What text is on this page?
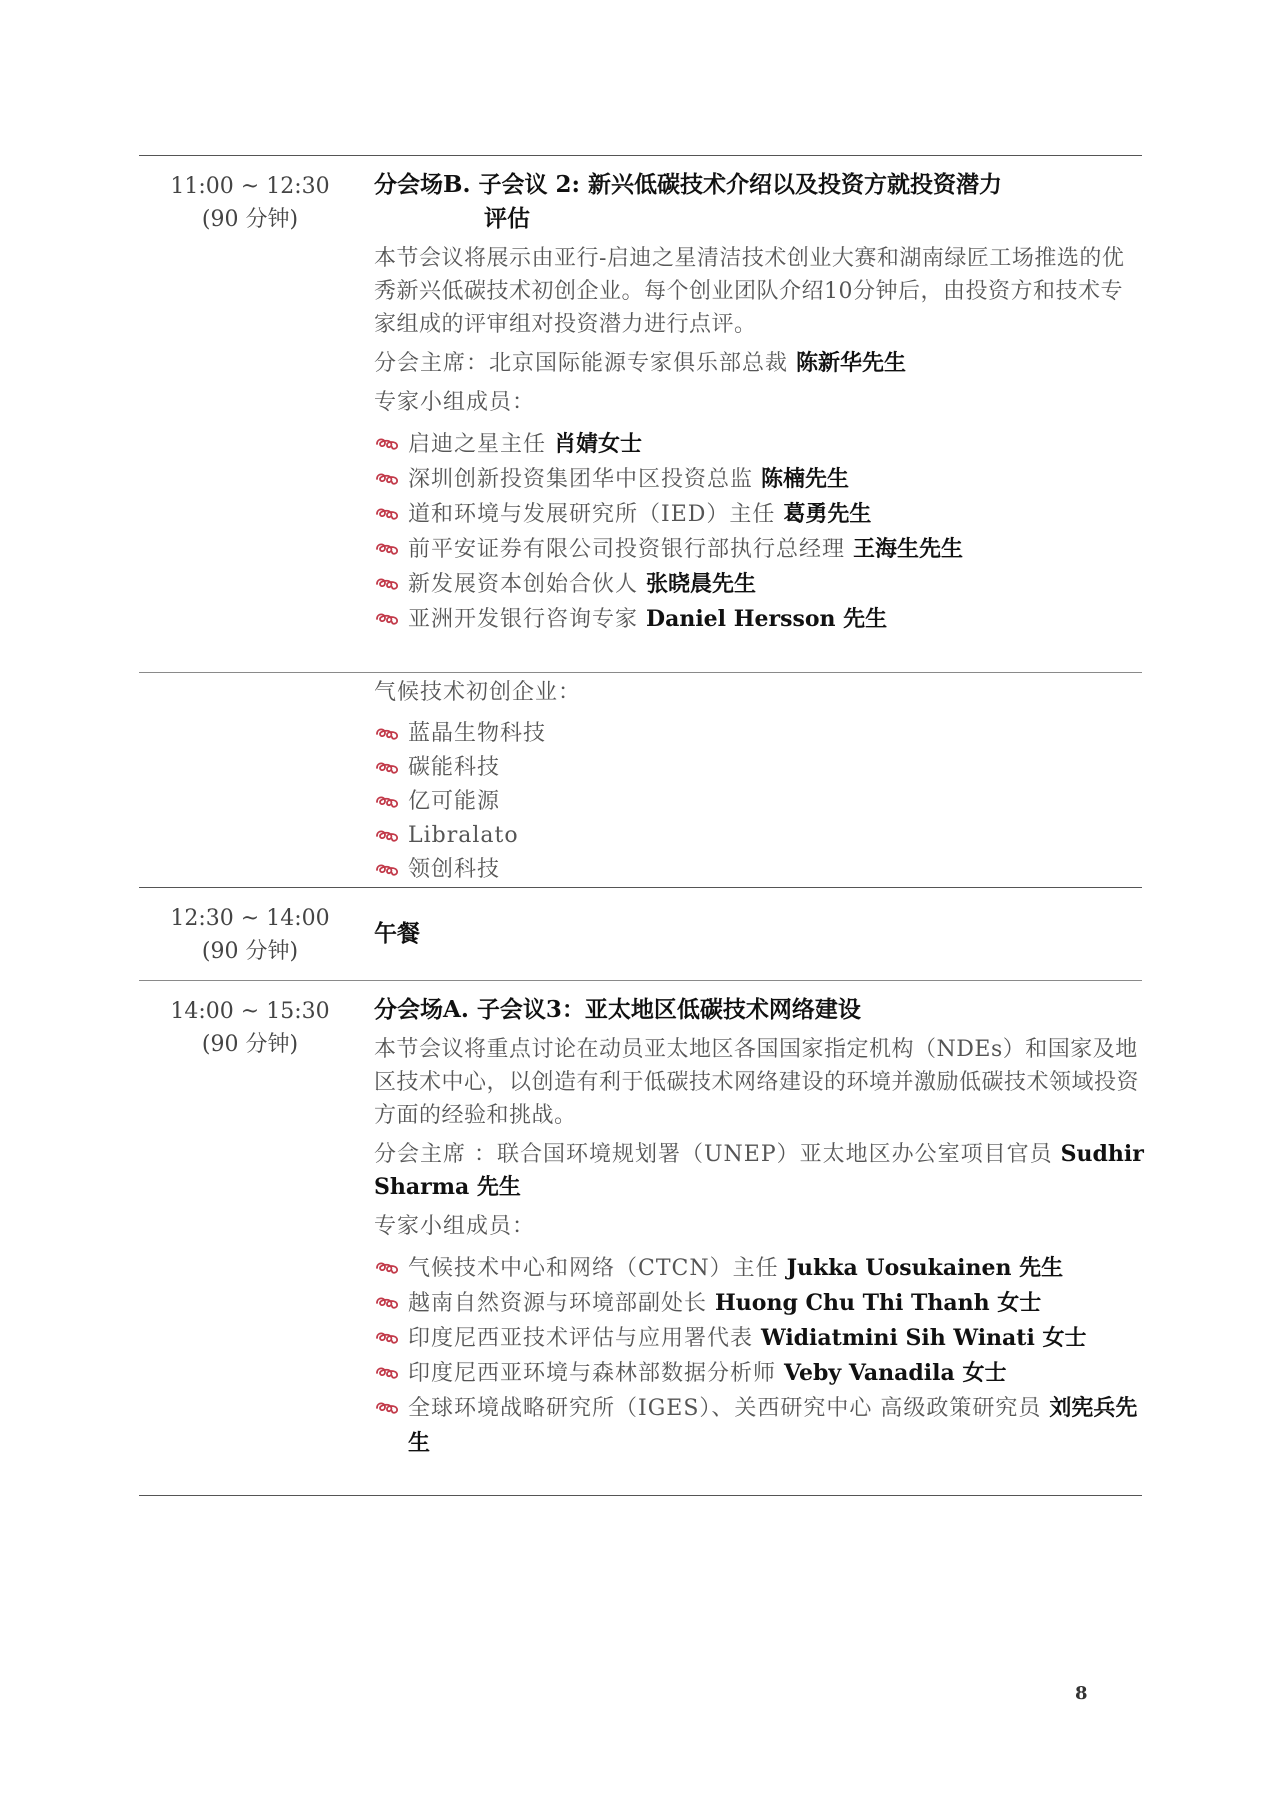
11:00 ~ 12:30
(90 分钟)
分会场B. 子会议 2: 新兴低碳技术介绍以及投资方就投资潜力
评估
本节会议将展示由亚行-启迪之星清洁技术创业大赛和湖南绿匠工场推选的优秀新兴低碳技术初创企业。每个创业团队介绍10分钟后，由投资方和技术专家组成的评审组对投资潜力进行点评。
分会主席：北京国际能源专家俱乐部总裁 陈新华先生
专家小组成员：
启迪之星主任 肖婧女士
深圳创新投资集团华中区投资总监 陈楠先生
道和环境与发展研究所（IED）主任 葛勇先生
前平安证券有限公司投资银行部执行总经理 王海生先生
新发展资本创始合伙人 张晓晨先生
亚洲开发银行咨询专家 Daniel Hersson 先生
气候技术初创企业：
蓝晶生物科技
碳能科技
亿可能源
Libralato
领创科技
12:30 ~ 14:00
(90 分钟)
午餐
14:00 ~ 15:30
(90 分钟)
分会场A. 子会议3：亚太地区低碳技术网络建设
本节会议将重点讨论在动员亚太地区各国国家指定机构（NDEs）和国家及地区技术中心，以创造有利于低碳技术网络建设的环境并激励低碳技术领域投资方面的经验和挑战。
分会主席 ：联合国环境规划署（UNEP）亚太地区办公室项目官员 Sudhir Sharma 先生
专家小组成员：
气候技术中心和网络（CTCN）主任 Jukka Uosukainen 先生
越南自然资源与环境部副处长 Huong Chu Thi Thanh 女士
印度尼西亚技术评估与应用署代表 Widiatmini Sih Winati 女士
印度尼西亚环境与森林部数据分析师 Veby Vanadila 女士
全球环境战略研究所（IGES）、关西研究中心 高级政策研究员 刘宪兵先生
8
